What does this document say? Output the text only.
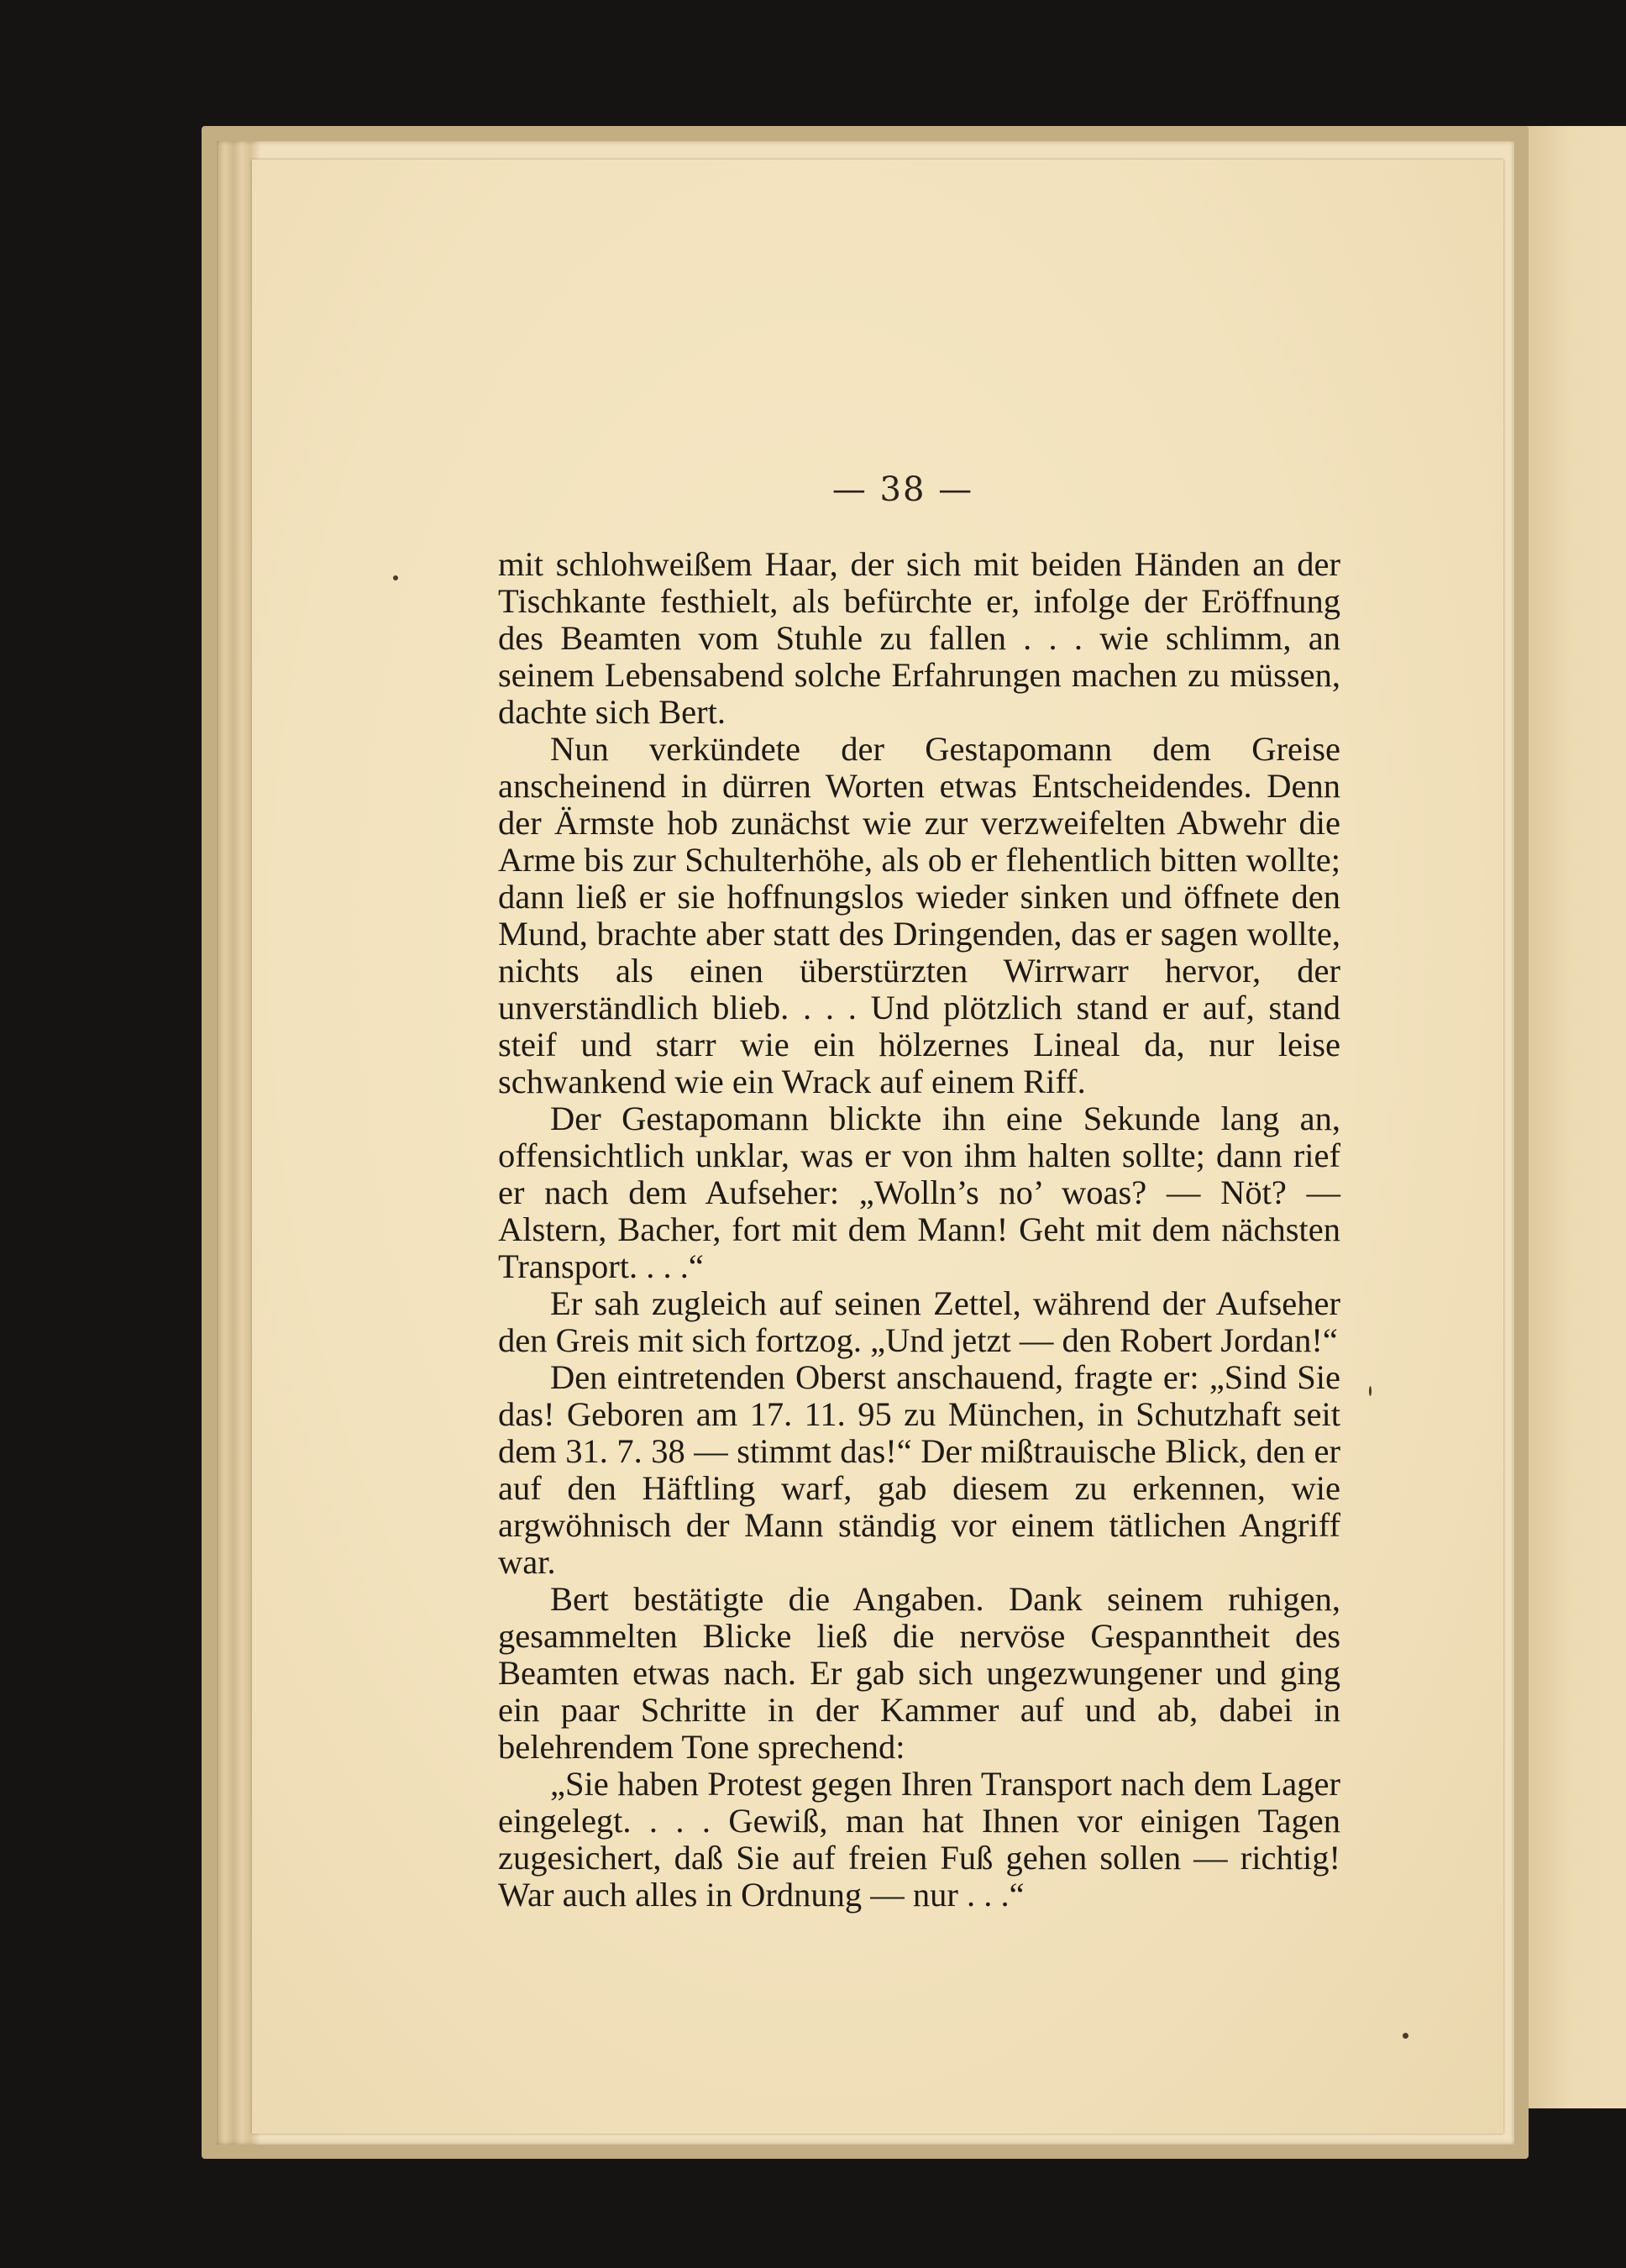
— 38 —

mit schlohweißem Haar, der sich mit beiden Händen an der Tischkante festhielt, als befürchte er, infolge der Eröffnung des Beamten vom Stuhle zu fallen . . . wie schlimm, an seinem Lebensabend solche Erfahrungen machen zu müssen, dachte sich Bert.

Nun verkündete der Gestapomann dem Greise anscheinend in dürren Worten etwas Entscheidendes. Denn der Ärmste hob zunächst wie zur verzweifelten Abwehr die Arme bis zur Schulterhöhe, als ob er flehentlich bitten wollte; dann ließ er sie hoffnungslos wieder sinken und öffnete den Mund, brachte aber statt des Dringenden, das er sagen wollte, nichts als einen überstürzten Wirrwarr hervor, der unverständlich blieb. . . . Und plötzlich stand er auf, stand steif und starr wie ein hölzernes Lineal da, nur leise schwankend wie ein Wrack auf einem Riff.

Der Gestapomann blickte ihn eine Sekunde lang an, offensichtlich unklar, was er von ihm halten sollte; dann rief er nach dem Aufseher: „Wolln’s no’ woas? — Nöt? — Alstern, Bacher, fort mit dem Mann! Geht mit dem nächsten Transport. . . .“

Er sah zugleich auf seinen Zettel, während der Aufseher den Greis mit sich fortzog. „Und jetzt — den Robert Jordan!“

Den eintretenden Oberst anschauend, fragte er: „Sind Sie das! Geboren am 17. 11. 95 zu München, in Schutzhaft seit dem 31. 7. 38 — stimmt das!“ Der mißtrauische Blick, den er auf den Häftling warf, gab diesem zu erkennen, wie argwöhnisch der Mann ständig vor einem tätlichen Angriff war.

Bert bestätigte die Angaben. Dank seinem ruhigen, gesammelten Blicke ließ die nervöse Gespanntheit des Beamten etwas nach. Er gab sich ungezwungener und ging ein paar Schritte in der Kammer auf und ab, dabei in belehrendem Tone sprechend:

„Sie haben Protest gegen Ihren Transport nach dem Lager eingelegt. . . . Gewiß, man hat Ihnen vor einigen Tagen zugesichert, daß Sie auf freien Fuß gehen sollen — richtig! War auch alles in Ordnung — nur . . .“
